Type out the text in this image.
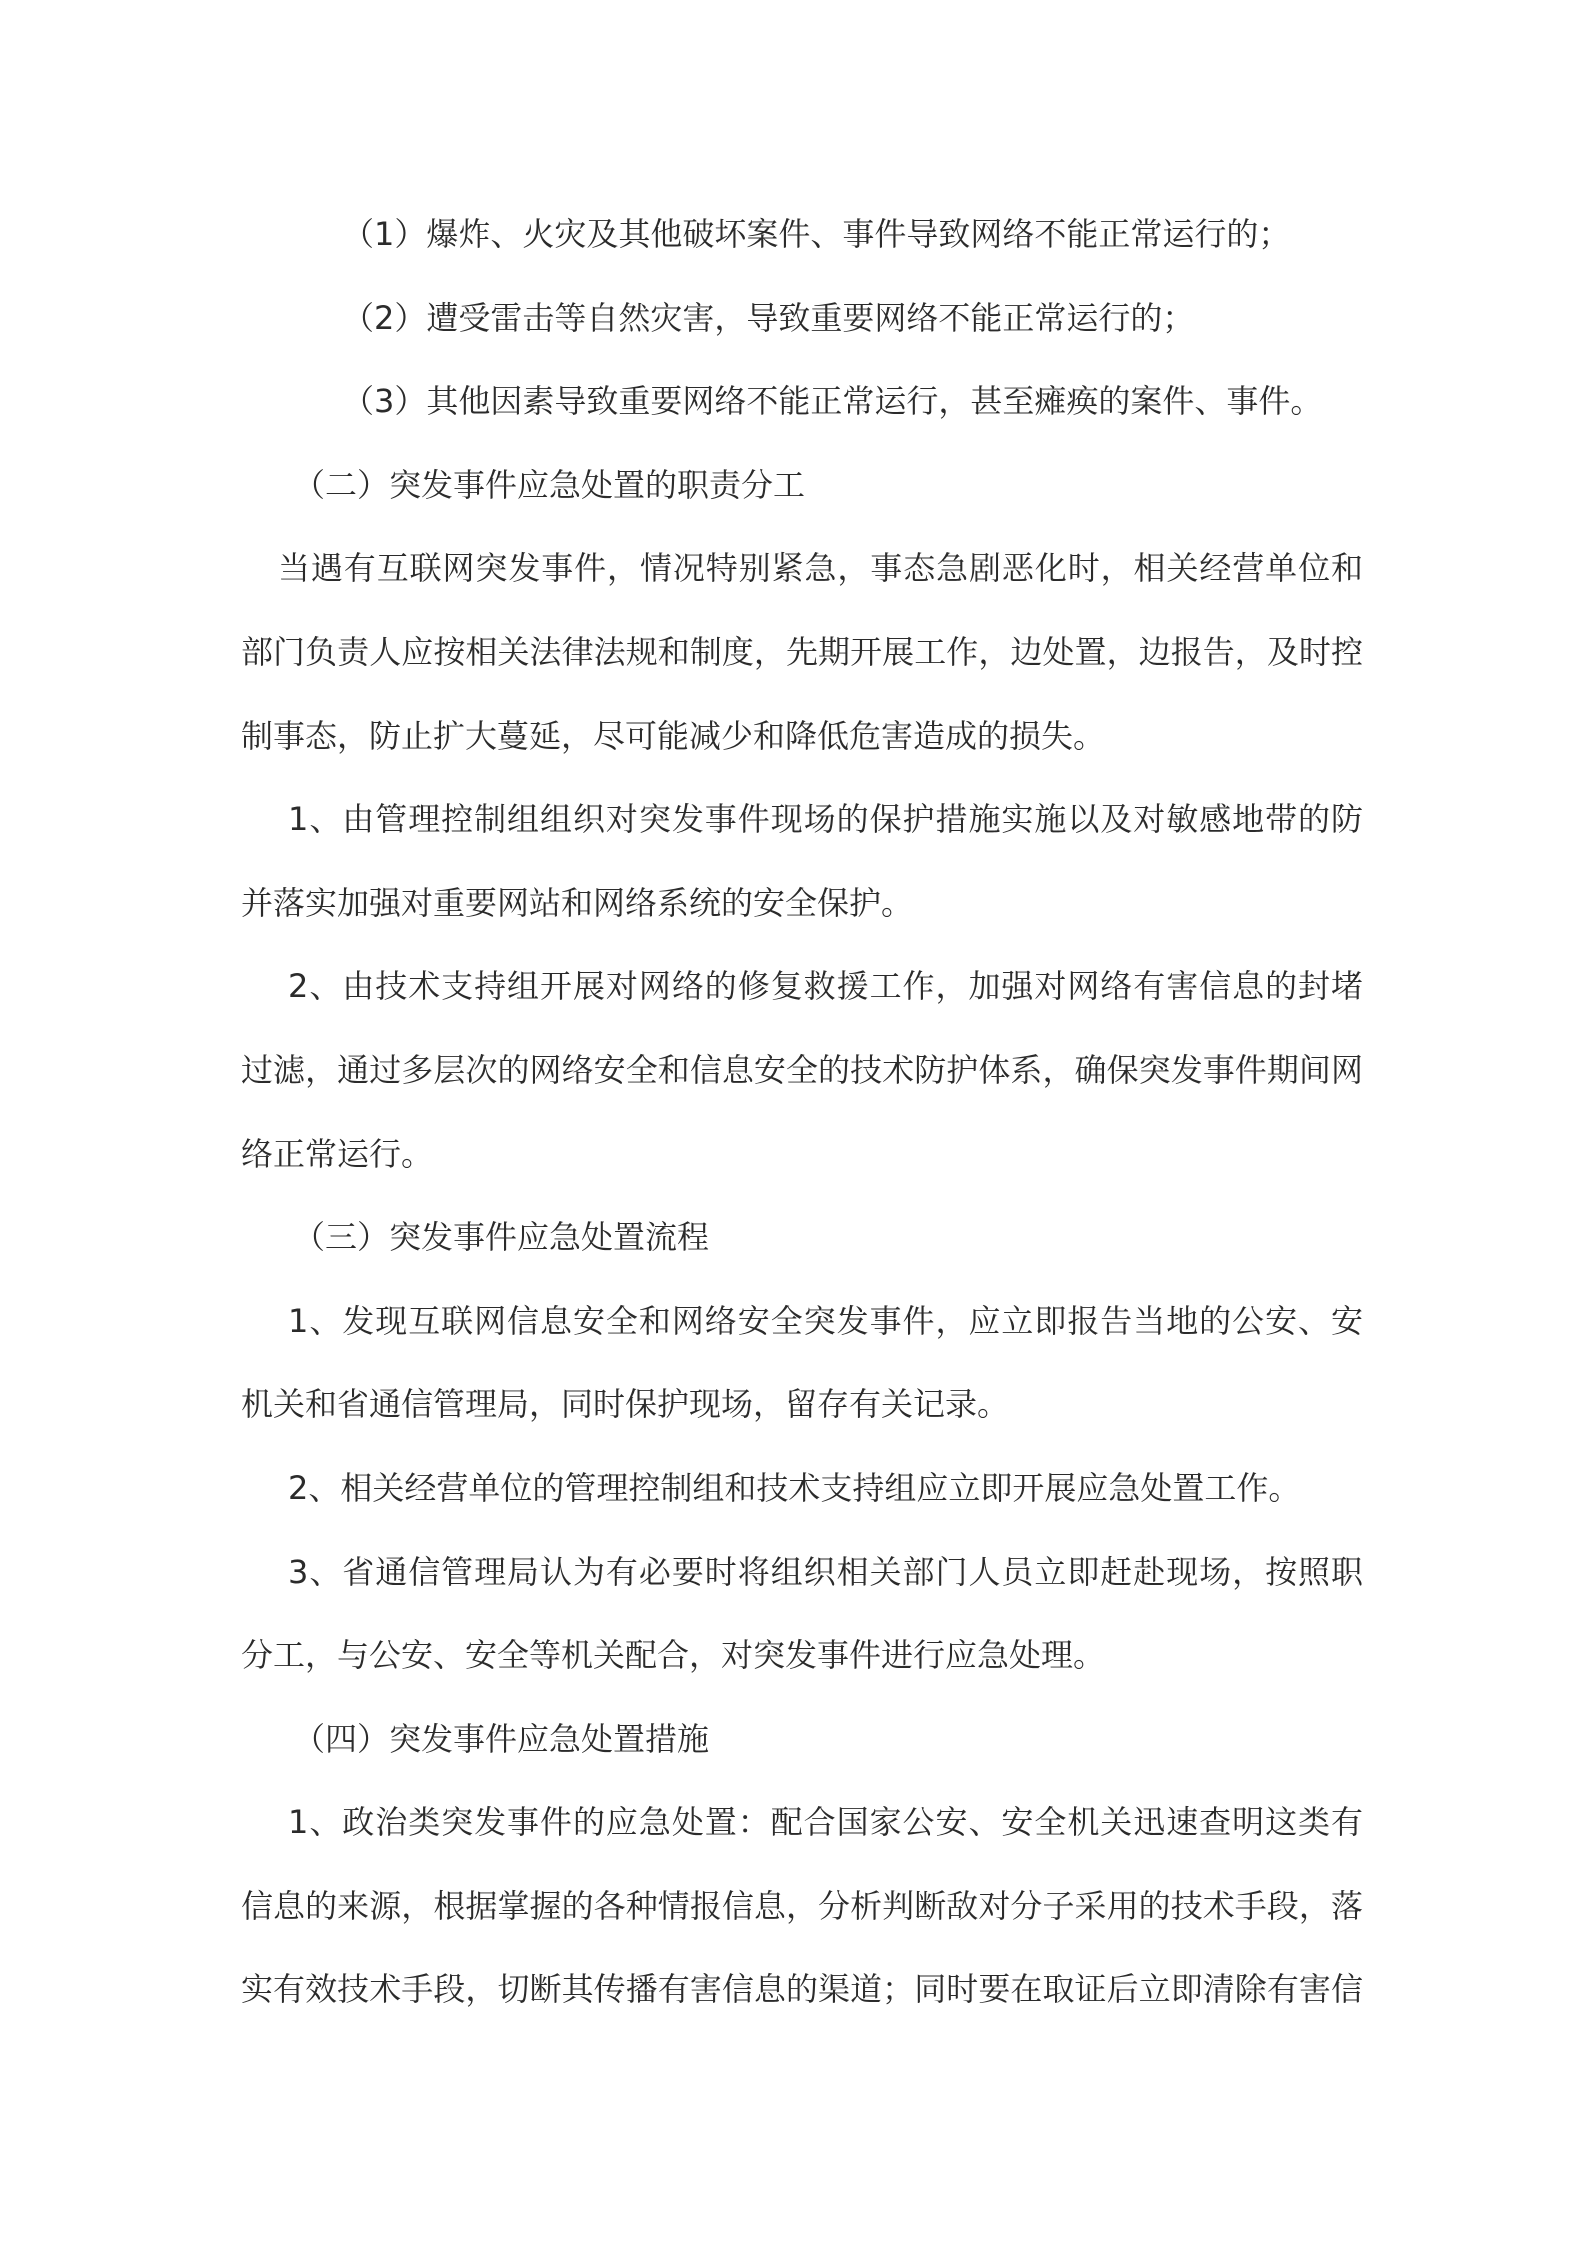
（1）爆炸、火灾及其他破坏案件、事件导致网络不能正常运行的；
（2）遭受雷击等自然灾害，导致重要网络不能正常运行的；
（3）其他因素导致重要网络不能正常运行，甚至瘫痪的案件、事件。
（二）突发事件应急处置的职责分工
当遇有互联网突发事件，情况特别紧急，事态急剧恶化时，相关经营单位和
部门负责人应按相关法律法规和制度，先期开展工作，边处置，边报告，及时控
制事态，防止扩大蔓延，尽可能减少和降低危害造成的损失。
1、由管理控制组组织对突发事件现场的保护措施实施以及对敏感地带的防
并落实加强对重要网站和网络系统的安全保护。
2、由技术支持组开展对网络的修复救援工作，加强对网络有害信息的封堵
过滤，通过多层次的网络安全和信息安全的技术防护体系，确保突发事件期间网
络正常运行。
（三）突发事件应急处置流程
1、发现互联网信息安全和网络安全突发事件，应立即报告当地的公安、安
机关和省通信管理局，同时保护现场，留存有关记录。
2、相关经营单位的管理控制组和技术支持组应立即开展应急处置工作。
3、省通信管理局认为有必要时将组织相关部门人员立即赶赴现场，按照职
分工，与公安、安全等机关配合，对突发事件进行应急处理。
（四）突发事件应急处置措施
1、政治类突发事件的应急处置：配合国家公安、安全机关迅速查明这类有
信息的来源，根据掌握的各种情报信息，分析判断敌对分子采用的技术手段，落
实有效技术手段，切断其传播有害信息的渠道；同时要在取证后立即清除有害信
